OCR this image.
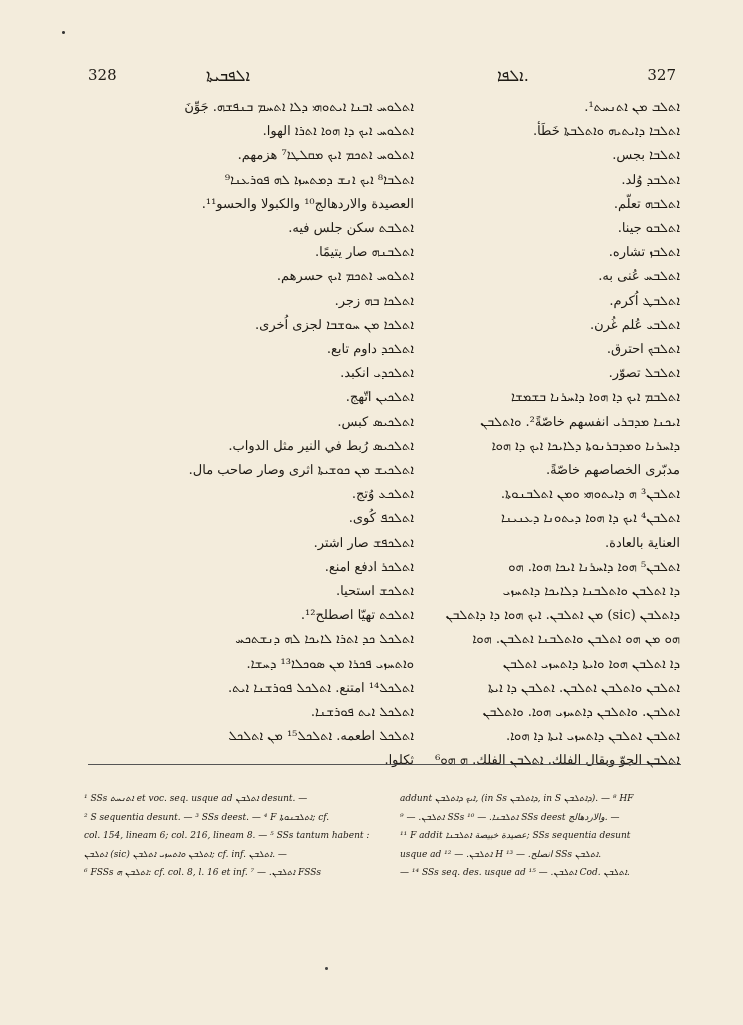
328	ܐܠܦܒܝܬܐ	ܐܠܦܐ.	327
ܐܬܠܘܚ ܐܒܢܐ ܐܝܬܘܗܝ ܕܠܐ ܐܬܚܡ ܒܢܦܫܗ. جَوِّنَ
ܐܬܠܘܚ ܐܝܟ ܕܐ ܗܘܐ ܐܬܪܐ الهوا.
ܐܬܠܘܚ ܐܬܟܡ ܐܝܟ ܡܩܠܛܐ⁷ هزمهم.
ܐܬܠܒܐ⁸ ܐܝܟ ܐܢܫ ܕܡܬܚܙܐ ܠܗ ܦܘܪܥܢܐ⁹
العصيدة والاردهالج¹⁰ والكبولا والحسو¹¹.
ܐܬܠܒܬ سكن جلس فيه.
ܐܬܠܒܢܗ صار يتيمًا.
ܐܬܠܘܚ ܐܬܟܡ ܐܝܟ حسرهم.
ܐܬܠܟܐ ܒܗ زجر.
ܐܬܠܟܐ ܡܢ ܚܘܫܒܐ لجزى اُخرى.
ܐܬܠܟܕ داوم تابع.
ܐܬܠܟܕܝ انكبد.
ܐܬܠܟܝܢ اتّهج.
ܐܬܠܟܝܣ كبس.
ܐܬܠܟܝܣ رُبط في النير مثل الدواب.
ܐܬܠܟܝܫ ܡܢ ܟܘܫܝܬܐ اثرى وصار صاحب مال.
ܐܬܠܟܥ وُتج.
ܐܬܠܟܦ كُوى.
ܐܬܠܟܦܫ صار اشتر.
ܐܬܠܟܪ ادفع امنع.
ܐܬܠܟܫ استحيا.
ܐܬܠܟܬ تهيّا اصطلح¹².
ܐܬܠܟܠ ܟܕ ܐܬܪܐ ܠܐܝܟܐ ܠܗ ܕܢܫܬܟܚ
ܘܐܬܚܙܝ ܦܟܪܐ ܡܢ ܣܘܟܠܐ¹³ ܕܚܫܐ.
ܐܬܠܟܠ¹⁴ امتنع. ܐܬܠܟܠ ܦܘܪܫܢܐ ܐܝܬ.
ܐܬܠܟܠ ܐܝܬ ܦܘܪܫܢܐ.
ܐܬܠܟܠ اطعمه. ܐܬܠܟܠ¹⁵ ܡܢ ܐܬܠܟܠ
ثكلوا.
ܐܬܠܒ ܡܢ ܐܬܢܚܬ¹.
ܐܬܠܒܐ ܕܐܝܬܝܗ ܘܐܬܠܒܬܐ خَطَأ.
ܐܬܠܒܐ بجس.
ܐܬܠܒܕ وُلد.
ܐܬܠܒܗ تعلّم.
ܐܬܠܒܘ جينا.
ܐܬܠܒܙ تشاره.
ܐܬܠܒܚ عُنى به.
ܐܬܠܒܛ اُكرم.
ܐܬܠܒܝ عُلم غُرن.
ܐܬܠܒܟ احترق.
ܐܬܠܒܠ تصوّر.
ܐܬܠܒܡ ܐܝܟ ܕܐ ܗܘܐ ܕܐܚܪܢܐ ܒܫܡܫܐ
ܐܝܟܢܐ ܡܕܒܪܝ انفسهم خاصّةً². ܘܐܬܠܒܢ
ܕܐܚܪܢܐ ܘܡܕܒܪܢܘܬܐ ܕܠܐܝܟܐ ܐܝܟ ܕܐ ܗܘܐ
مدبّرى الخصاصهم خاصّةً.
ܐܬܠܒܢ³ ܗ ܕܐܝܬܘܗܝ ܘܡܢ ܐܬܠܒܢܘܬܐ.
ܐܬܠܒܢ⁴ ܐܝܟ ܕܐ ܗܘܐ ܕܝܬܘܢܐ ܕܥܢܝܢܐ
العناية بالعادة.
ܐܬܠܒܢ⁵ ܗܘܐ ܕܐܚܪܢܐ ܐܝܟܐ ܗܘܐ. ܗܘ
ܕܐ ܐܬܠܒܢ ܘܐܬܠܒܢܐ ܕܠܐܝܟܐ ܕܐܬܚܙܝ
ܕܐܬܠܒܢ (sic) ܡܢ ܐܬܠܒܢ. ܐܝܟ ܗܘܐ ܕܐ ܕܐܬܠܒܢ
ܗܘ ܡܢ ܗܘ ܐܬܠܒܢ ܘܐܬܠܒܢܐ ܐܬܠܒܢ. ܗܘܐ
ܕܐ ܐܬܠܒܢ ܗܘܐ ܘܐܝܬܐ ܕܐܬܚܙܝ ܐܬܠܒܢ
ܐܬܠܒܢ ܘܐܬܠܒܢ ܐܬܠܒܢ. ܐܬܠܒܢ ܕܐ ܐܝܬܐ
ܐܬܠܒܢ. ܘܐܬܠܒܢ ܕܐܬܚܙܝ ܗܘܐ. ܘܐܬܠܒܢ
ܐܬܠܒܢ ܐܬܠܒܢ ܕܐܬܚܙܝ ܐܝܬܐ ܕܐ ܗܘܐ.
ܐܬܠܒܢ الجوّ وبقال الفلك. ܐܬܠܒܢ الفلك. ܗ ܗܘ⁶
¹ SSs ܐܬܢܚܬ et voc. seq. usque ad ܐܬܠܒܢ desunt. —
² S sequentia desunt. — ³ SSs deest. — ⁴ F ܐܬܠܒܢܘܬܐ; cf.
col. 154, lineam 6; col. 216, lineam 8. — ⁵ SSs tantum habent :
ܐܬܠܒܢ (sic) ܐܬܠܒܢ ܘܐܬܚܙܝ ܐܬܠܒܢ; cf. inf. ܐܬܠܒܢ. —
⁶ FSSs ܐܬܠܒܢ ܗ: cf. col. 8, l. 16 et inf. ܐܬܠܒܢ. — ⁷ FSSs
addunt ܐܝܟ ܕܐܬܠܒܢ, (in Ss ܕܐܬܠܒܢ, in S ܕܐܬܠܒܢ). — ⁸ HF
ܐܬܠܒܢ. — ⁹ SSs ܐܬܠܒܢܐ. — ¹⁰ SSs deest والاردهالج. —
¹¹ F addit عصيدة خبيصة ܐܬܠܒܢܐ; SSs sequentia desunt
usque ad ܐܬܠܒܢ. — ¹² H انصلح. — ¹³ SSs ܐܬܠܒܢ.
— ¹⁴ SSs seq. des. usque ad ܐܬܠܒܢ. — ¹⁵ Cod. ܐܬܠܒܢ.
